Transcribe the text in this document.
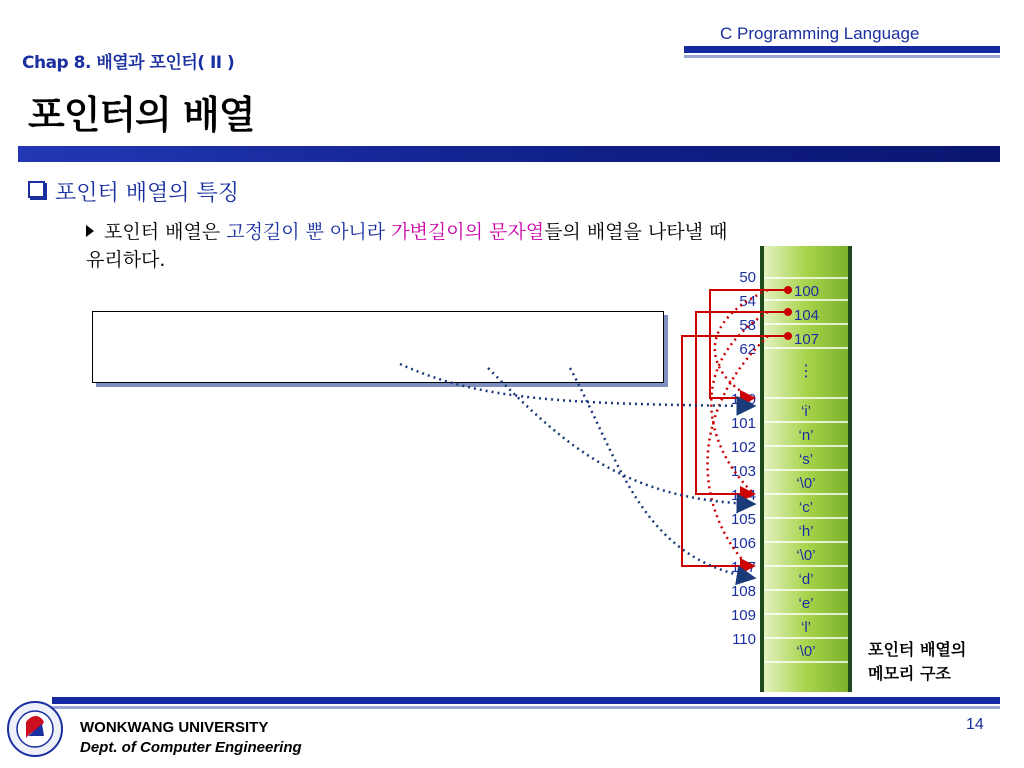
C Programming Language
Chap 8. 배열과 포인터( II )
포인터의 배열
포인터 배열의 특징
포인터 배열은 고정길이 뿐 아니라 가변길이의 문자열들의 배열을 나타낼 때
유리하다.
50
54
58
62
100
104
107
⋮
100
101
102
103
104
105
106
107
108
109
110
‘i’
‘n’
‘s’
‘\0’
‘c’
‘h’
‘\0’
‘d’
‘e’
‘l’
‘\0’	포인터 배열의
메모리 구조
WONKWANG UNIVERSITY
Dept. of Computer Engineering
14
